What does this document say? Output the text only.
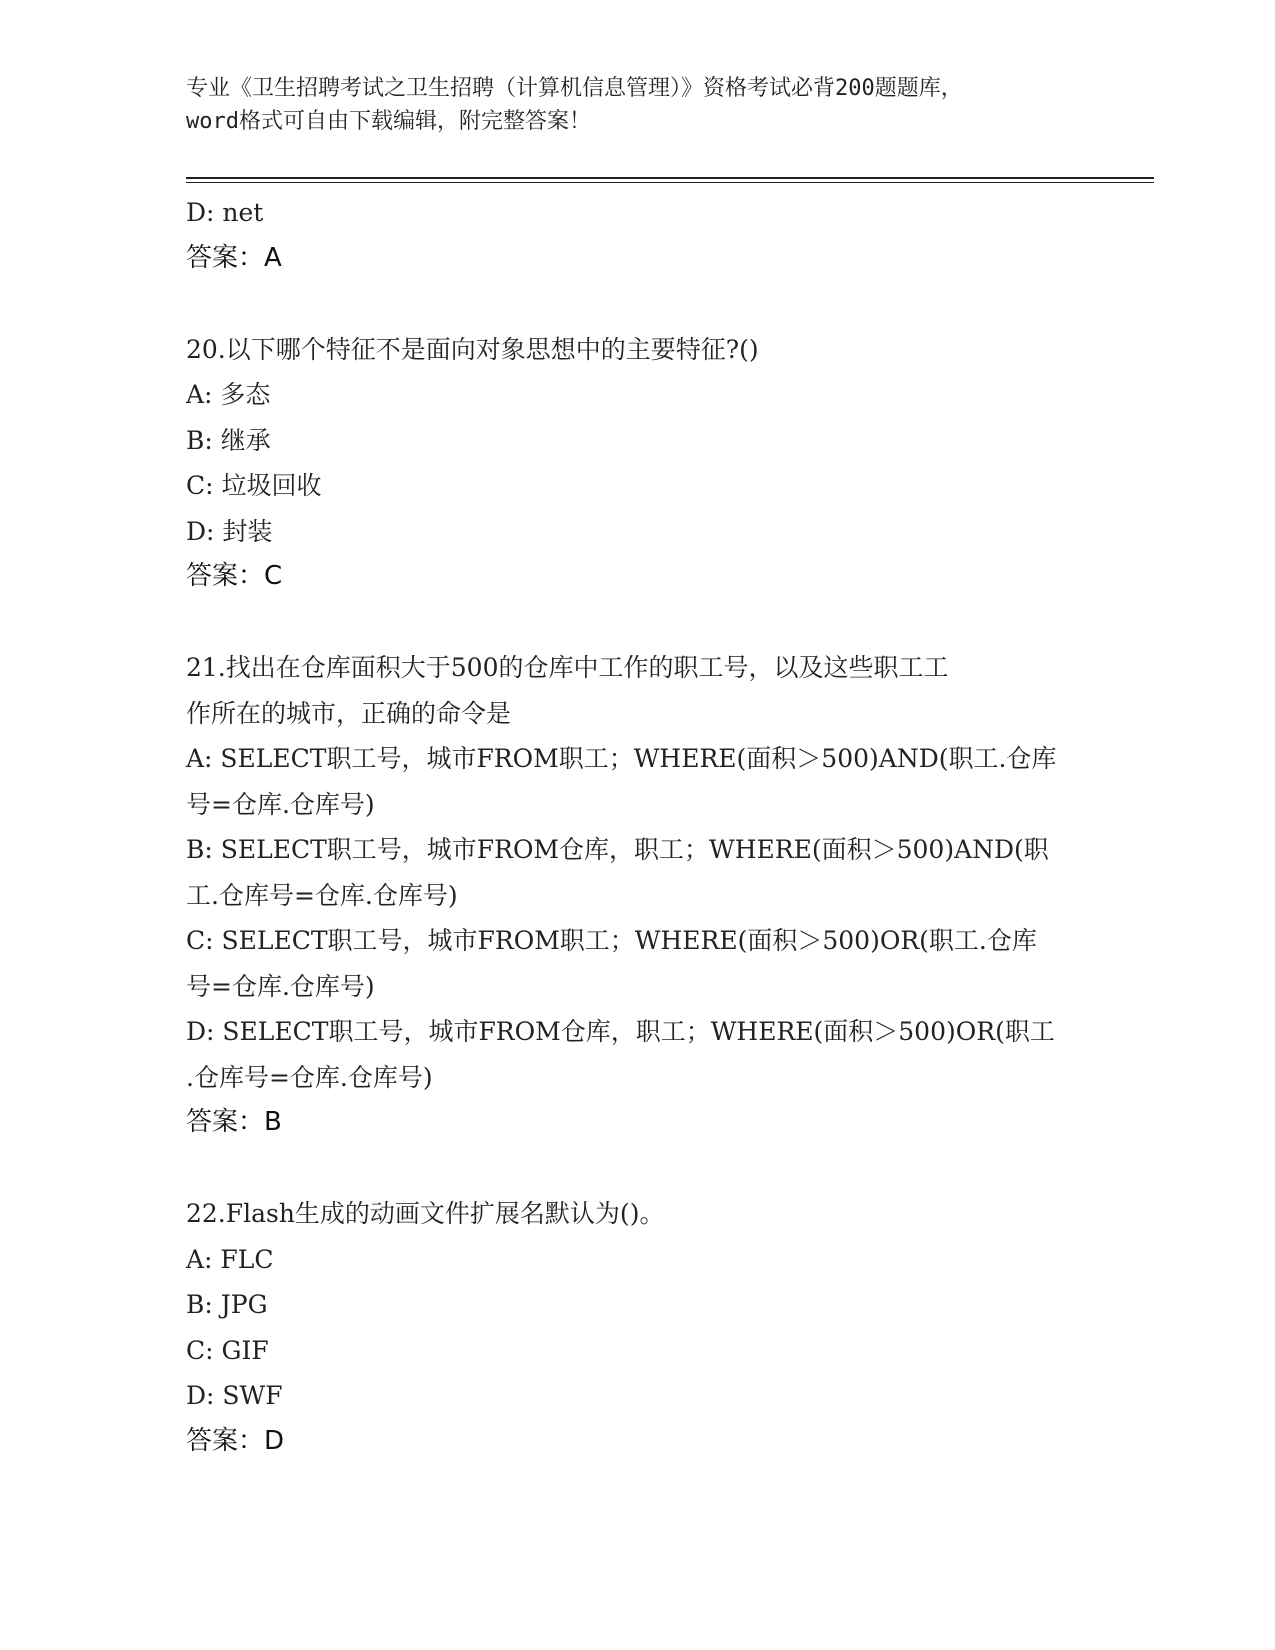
专业《卫生招聘考试之卫生招聘（计算机信息管理）》资格考试必背200题题库，
word格式可自由下载编辑，附完整答案！
D: net
答案：A
20.以下哪个特征不是面向对象思想中的主要特征?()
A: 多态
B: 继承
C: 垃圾回收
D: 封装
答案：C
21.找出在仓库面积大于500的仓库中工作的职工号，以及这些职工工
作所在的城市，正确的命令是
A: SELECT职工号，城市FROM职工；WHERE(面积＞500)AND(职工.仓库
号=仓库.仓库号)
B: SELECT职工号，城市FROM仓库，职工；WHERE(面积＞500)AND(职
工.仓库号=仓库.仓库号)
C: SELECT职工号，城市FROM职工；WHERE(面积＞500)OR(职工.仓库
号=仓库.仓库号)
D: SELECT职工号，城市FROM仓库，职工；WHERE(面积＞500)OR(职工
.仓库号=仓库.仓库号)
答案：B
22.Flash生成的动画文件扩展名默认为()。
A: FLC
B: JPG
C: GIF
D: SWF
答案：D
